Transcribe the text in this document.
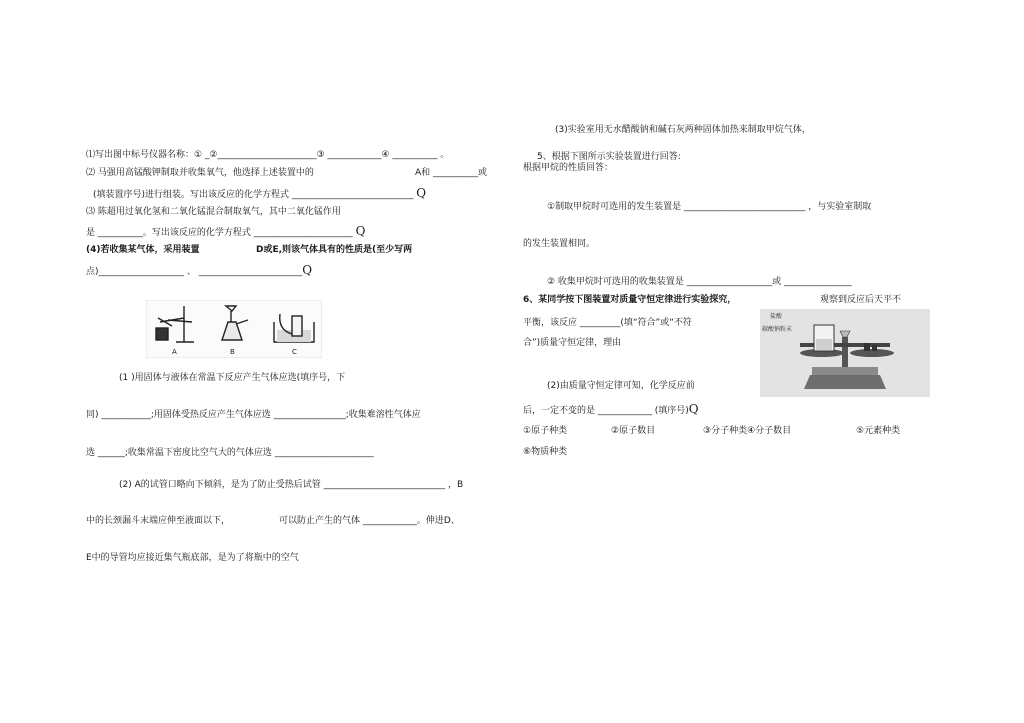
⑴写出图中标号仪器名称：① _②______________________③ ____________④ __________ 。
⑵ 马强用高锰酸钾制取并收集氧气，他选择上述装置中的	A和 __________或
(填装置序号)进行组装。写出该反应的化学方程式 ___________________________ Q
⑶ 陈超用过氧化氢和二氧化锰混合制取氧气，其中二氧化锰作用
是 __________。写出该反应的化学方程式 ______________________ Q
(4)若收集某气体，采用装置	D或E,则该气体具有的性质是(至少写两
点)___________________ 、 _______________________Q
A	B	C
(1 )用固体与液体在常温下反应产生气体应选(填序号，下
同) ___________;用固体受热反应产生气体应选 ________________;收集难溶性气体应
选 ______;收集常温下密度比空气大的气体应选 ______________________
(2) A的试管口略向下倾斜，是为了防止受热后试管 ___________________________ ，B
中的长颈漏斗末端应伸至液面以下，	可以防止产生的气体 ____________。伸进D、
E中的导管均应接近集气瓶底部，是为了将瓶中的空气
(3)实验室用无水醋酸钠和碱石灰两种固体加热来制取甲烷气体，
5、根据下图所示实验装置进行回答:
根据甲烷的性质回答：
①制取甲烷时可选用的发生装置是 ___________________________ ，与实验室制取
的发生装置相同。
② 收集甲烷时可选用的收集装置是 ___________________或 _______________
6、某同学按下图装置对质量守恒定律进行实验探究，	观察到反应后天平不
平衡，该反应 _________(填“符合”或“不符
合”)质量守恒定律，理由
盐酸
碳酸钠粉末
(2)由质量守恒定律可知，化学反应前
后，一定不变的是 ____________ (填序号)Q
①原子种类	②原子数目	③分子种类④分子数目	⑤元素种类
⑥物质种类
